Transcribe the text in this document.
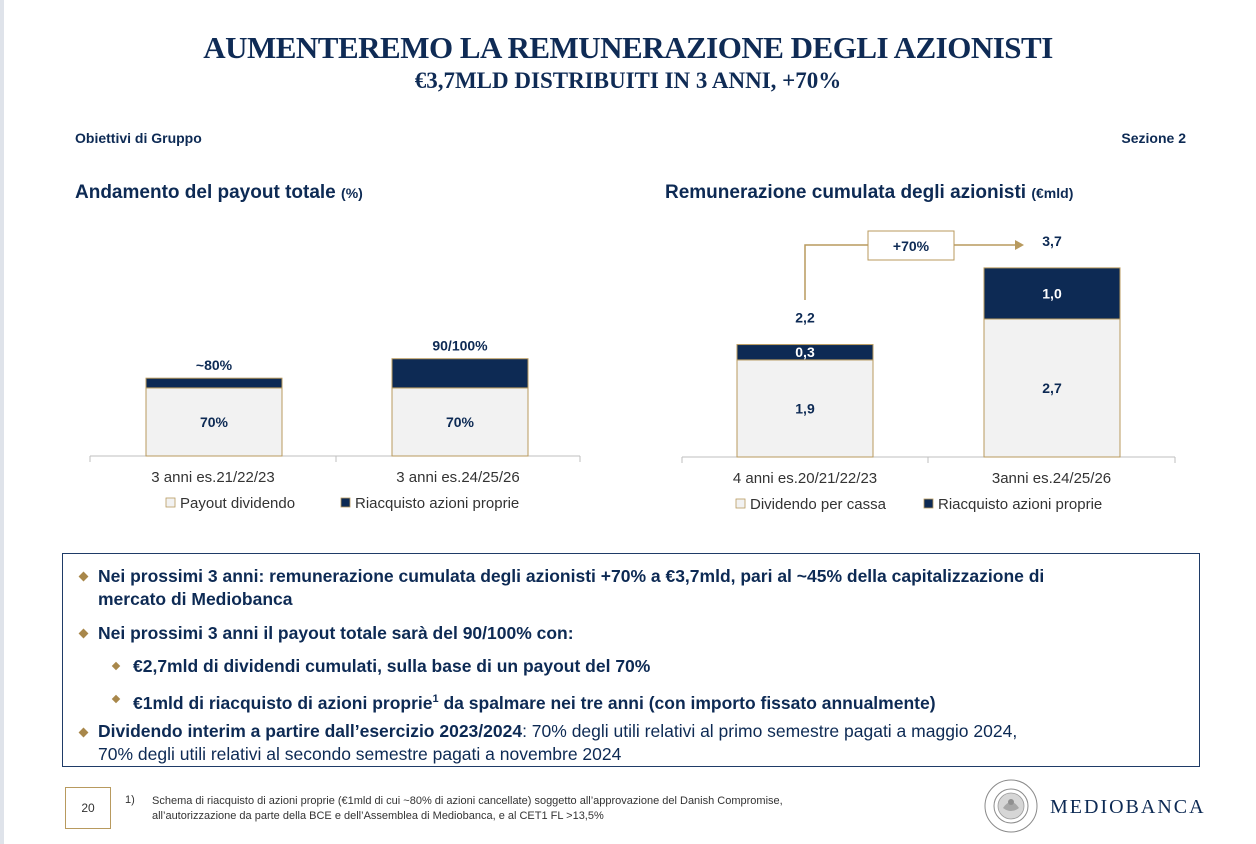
AUMENTEREMO LA REMUNERAZIONE DEGLI AZIONISTI
€3,7MLD DISTRIBUITI IN 3 ANNI, +70%
Obiettivi di Gruppo	Sezione 2
Andamento del payout totale (%)	Remunerazione cumulata degli azionisti (€mld)
70%
~80%
3 anni es.21/22/23
70%
90/100%
3 anni es.24/25/26
Payout dividendo	Riacquisto azioni proprie
1,9
0,3
2,2
4 anni es.20/21/22/23
2,7
1,0
3,7
3anni es.24/25/26
Dividendo per cassa	Riacquisto azioni proprie
+70%
Nei prossimi 3 anni: remunerazione cumulata degli azionisti +70% a €3,7mld, pari al ~45% della capitalizzazione di
mercato di Mediobanca
Nei prossimi 3 anni il payout totale sarà del 90/100% con:
€2,7mld di dividendi cumulati, sulla base di un payout del 70%
€1mld di riacquisto di azioni proprie$^1$ da spalmare nei tre anni (con importo fissato annualmente)
Dividendo interim a partire dall’esercizio 2023/2024: 70% degli utili relativi al primo semestre pagati a maggio 2024,
70% degli utili relativi al secondo semestre pagati a novembre 2024
20
1) Schema di riacquisto di azioni proprie (€1mld di cui ~80% di azioni cancellate) soggetto all’approvazione del Danish Compromise,
all’autorizzazione da parte della BCE e dell’Assemblea di Mediobanca, e al CET1 FL >13,5%	MEDIOBANCA
